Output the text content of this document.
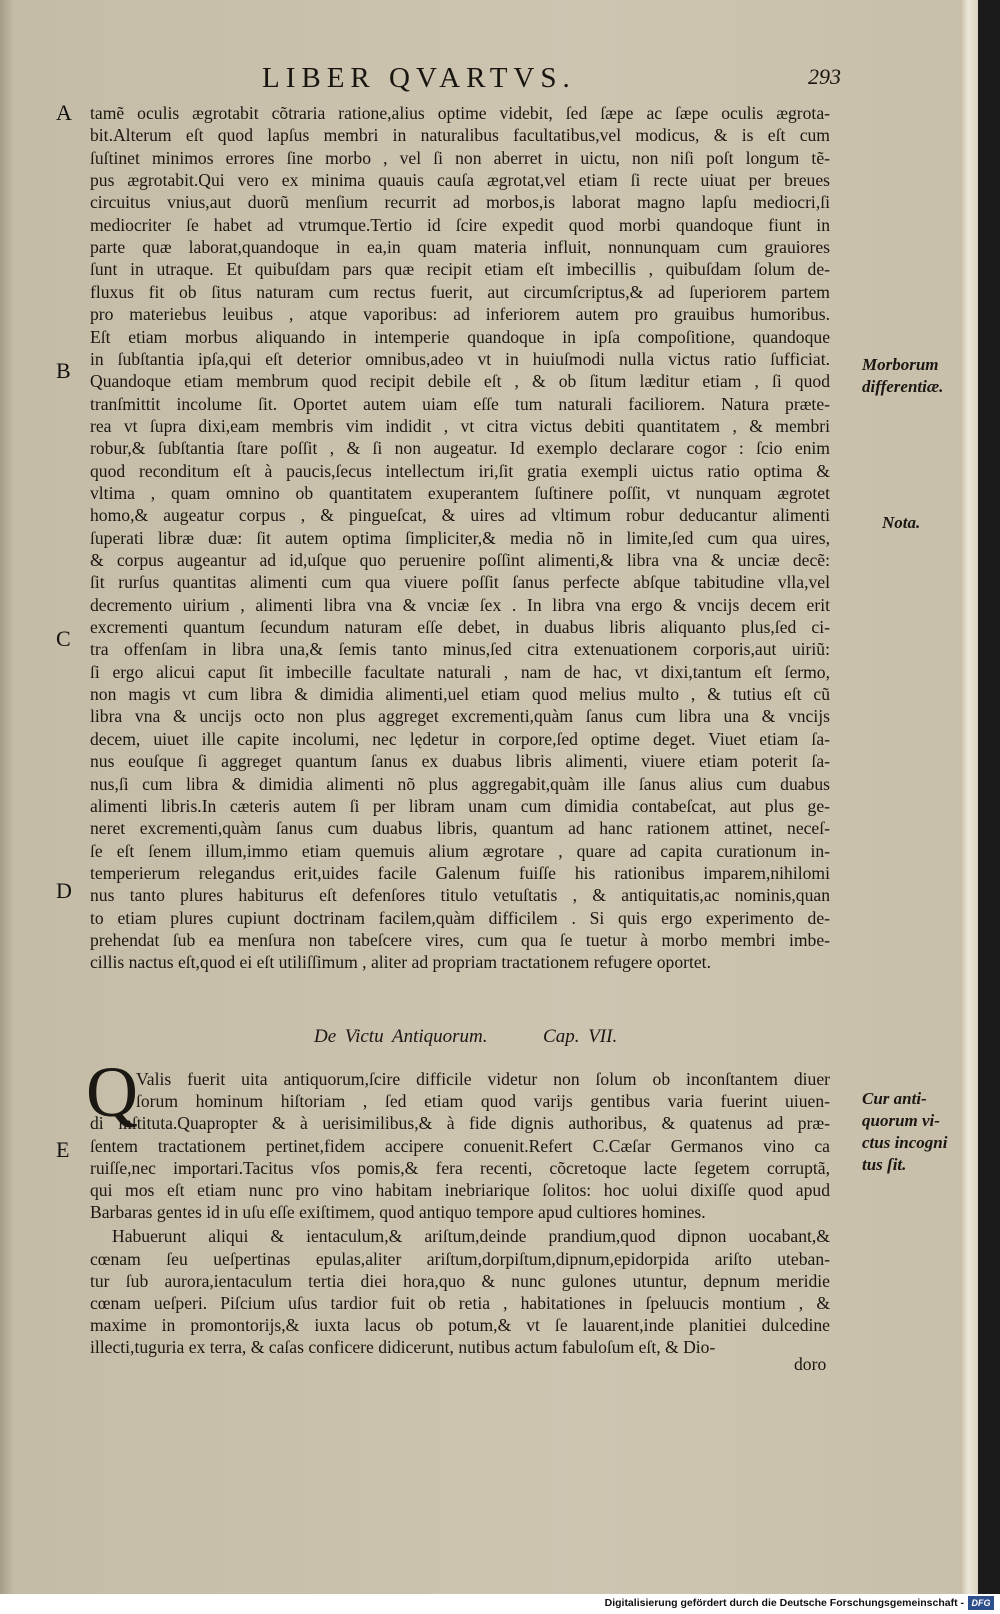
LIBER QVARTVS.	293
A
B
C
D
E
tamẽ oculis ægrotabit cõtraria ratione,alius optime videbit, ſed ſæpe ac ſæpe oculis ægrota-
bit.Alterum eſt quod lapſus membri in naturalibus facultatibus,vel modicus, & is eſt cum
ſuſtinet minimos errores ſine morbo , vel ſi non aberret in uictu, non niſi poſt longum tẽ-
pus ægrotabit.Qui vero ex minima quauis cauſa ægrotat,vel etiam ſi recte uiuat per breues
circuitus vnius,aut duorũ menſium recurrit ad morbos,is laborat magno lapſu mediocri,ſi
mediocriter ſe habet ad vtrumque.Tertio id ſcire expedit quod morbi quandoque fiunt in
parte quæ laborat,quandoque in ea,in quam materia influit, nonnunquam cum grauiores
ſunt in utraque. Et quibuſdam pars quæ recipit etiam eſt imbecillis , quibuſdam ſolum de-
fluxus fit ob ſitus naturam cum rectus fuerit, aut circumſcriptus,& ad ſuperiorem partem
pro materiebus leuibus , atque vaporibus: ad inferiorem autem pro grauibus humoribus.
Eſt etiam morbus aliquando in intemperie quandoque in ipſa compoſitione, quandoque
in ſubſtantia ipſa,qui eſt deterior omnibus,adeo vt in huiuſmodi nulla victus ratio ſufficiat.
Quandoque etiam membrum quod recipit debile eſt , & ob ſitum læditur etiam , ſi quod
tranſmittit incolume ſit. Oportet autem uiam eſſe tum naturali faciliorem. Natura præte-
rea vt ſupra dixi,eam membris vim indidit , vt citra victus debiti quantitatem , & membri
robur,& ſubſtantia ſtare poſſit , & ſi non augeatur. Id exemplo declarare cogor : ſcio enim
quod reconditum eſt à paucis,ſecus intellectum iri,ſit gratia exempli uictus ratio optima &
vltima , quam omnino ob quantitatem exuperantem ſuſtinere poſſit, vt nunquam ægrotet
homo,& augeatur corpus , & pingueſcat, & uires ad vltimum robur deducantur alimenti
ſuperati libræ duæ: ſit autem optima ſimpliciter,& media nõ in limite,ſed cum qua uires,
& corpus augeantur ad id,uſque quo peruenire poſſint alimenti,& libra vna & unciæ decẽ:
ſit rurſus quantitas alimenti cum qua viuere poſſit ſanus perfecte abſque tabitudine vlla,vel
decremento uirium , alimenti libra vna & vnciæ ſex . In libra vna ergo & vncijs decem erit
excrementi quantum ſecundum naturam eſſe debet, in duabus libris aliquanto plus,ſed ci-
tra offenſam in libra una,& ſemis tanto minus,ſed citra extenuationem corporis,aut uiriũ:
ſi ergo alicui caput ſit imbecille facultate naturali , nam de hac, vt dixi,tantum eſt ſermo,
non magis vt cum libra & dimidia alimenti,uel etiam quod melius multo , & tutius eſt cũ
libra vna & uncijs octo non plus aggreget excrementi,quàm ſanus cum libra una & vncijs
decem, uiuet ille capite incolumi, nec lędetur in corpore,ſed optime deget. Viuet etiam ſa-
nus eouſque ſi aggreget quantum ſanus ex duabus libris alimenti, viuere etiam poterit ſa-
nus,ſi cum libra & dimidia alimenti nõ plus aggregabit,quàm ille ſanus alius cum duabus
alimenti libris.In cæteris autem ſi per libram unam cum dimidia contabeſcat, aut plus ge-
neret excrementi,quàm ſanus cum duabus libris, quantum ad hanc rationem attinet, neceſ-
ſe eſt ſenem illum,immo etiam quemuis alium ægrotare , quare ad capita curationum in-
temperierum relegandus erit,uides facile Galenum fuiſſe his rationibus imparem,nihilomi
nus tanto plures habiturus eſt defenſores titulo vetuſtatis , & antiquitatis,ac nominis,quan
to etiam plures cupiunt doctrinam facilem,quàm difficilem . Si quis ergo experimento de-
prehendat ſub ea menſura non tabeſcere vires, cum qua ſe tuetur à morbo membri imbe-
cillis nactus eſt,quod ei eſt utiliſſimum , aliter ad propriam tractationem refugere oportet.
Morborum
differentiæ.
Nota.
Cur anti-
quorum vi-
ctus incogni
tus ſit.
De Victu Antiquorum.	Cap. VII.
Q
Valis fuerit uita antiquorum,ſcire difficile videtur non ſolum ob inconſtantem diuer
ſorum hominum hiſtoriam , ſed etiam quod varijs gentibus varia fuerint uiuen-
di inſtituta.Quapropter & à uerisimilibus,& à fide dignis authoribus, & quatenus ad præ-
ſentem tractationem pertinet,fidem accipere conuenit.Refert C.Cæſar Germanos vino ca
ruiſſe,nec importari.Tacitus vſos pomis,& fera recenti, cõcretoque lacte ſegetem corruptã,
qui mos eſt etiam nunc pro vino habitam inebriarique ſolitos: hoc uolui dixiſſe quod apud
Barbaras gentes id in uſu eſſe exiſtimem, quod antiquo tempore apud cultiores homines.
Habuerunt aliqui & ientaculum,& ariſtum,deinde prandium,quod dipnon uocabant,&
cœnam ſeu ueſpertinas epulas,aliter ariſtum,dorpiſtum,dipnum,epidorpida ariſto uteban-
tur ſub aurora,ientaculum tertia diei hora,quo & nunc gulones utuntur, depnum meridie
cœnam ueſperi. Piſcium uſus tardior fuit ob retia , habitationes in ſpeluucis montium , &
maxime in promontorijs,& iuxta lacus ob potum,& vt ſe lauarent,inde planitiei dulcedine
illecti,tuguria ex terra, & caſas conficere didicerunt, nutibus actum fabuloſum eſt, & Dio-
doro
Digitalisierung gefördert durch die Deutsche Forschungsgemeinschaft - DFG
